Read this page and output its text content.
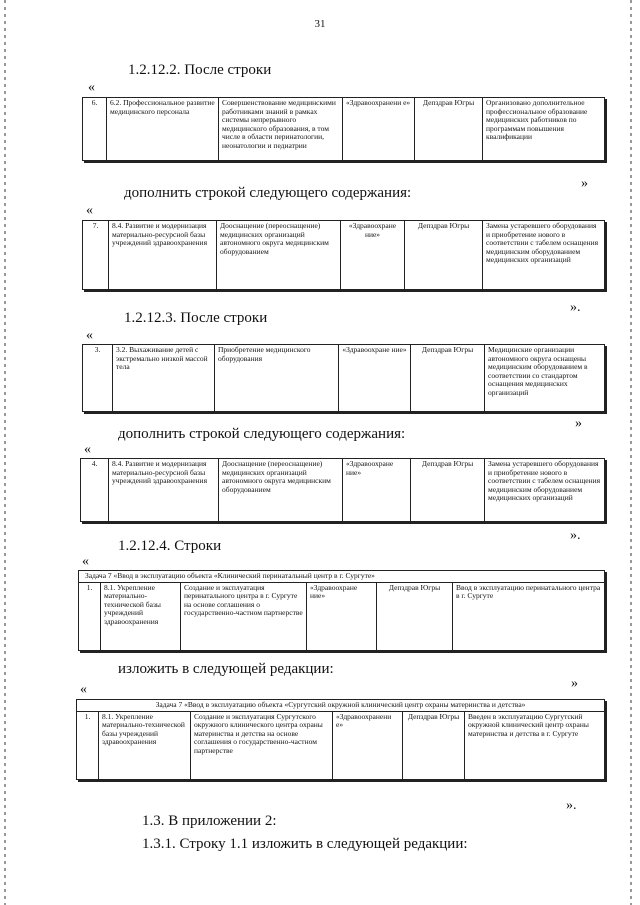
31
1.2.12.2. После строки
«
6.	6.2. Профессиональное развитие медицинского персонала	Совершенствование медицинскими работниками знаний в рамках системы непрерывного медицинского образования, в том числе в области перинатологии, неонатологии и педиатрии	«Здравоохранени е»	Депздрав Югры	Организовано дополнительное профессиональное образование медицинских работников по программам повышения квалификации
дополнить строкой следующего содержания:
»
«
7.	8.4. Развитие и модернизация материально-ресурсной базы учреждений здравоохранения	Дооснащение (переоснащение) медицинских организаций автономного округа медицинским оборудованием	«Здравоохране ние»	Депздрав Югры	Замена устаревшего оборудования и приобретение нового в соответствии с табелем оснащения медицинским оборудованием медицинских организаций
».
1.2.12.3. После строки
«
3.	3.2. Выхаживание детей с экстремально низкой массой тела	Приобретение медицинского оборудования	«Здравоохране ние»	Депздрав Югры	Медицинские организации автономного округа оснащены медицинским оборудованием в соответствии со стандартом оснащения медицинских организаций
»
дополнить строкой следующего содержания:
«
4.	8.4. Развитие и модернизация материально-ресурсной базы учреждений здравоохранения	Дооснащение (переоснащение) медицинских организаций автономного округа медицинским оборудованием	«Здравоохране ние»	Депздрав Югры	Замена устаревшего оборудования и приобретение нового в соответствии с табелем оснащения медицинским оборудованием медицинских организаций
».
1.2.12.4. Строки
«
Задача 7 «Ввод в эксплуатацию объекта «Клинический перинатальный центр в г. Сургуте»
1.	8.1. Укрепление материально-технической базы учреждений здравоохранения	Создание и эксплуатация перинатального центра в г. Сургуте на основе соглашения о государственно-частном партнерстве	«Здравоохране ние»	Депздрав Югры	Ввод в эксплуатацию перинатального центра в г. Сургуте
изложить в следующей редакции:
»
«
Задача 7 «Ввод в эксплуатацию объекта «Сургутский окружной клинический центр охраны материнства и детства»
1.	8.1. Укрепление материально-технической базы учреждений здравоохранения	Создание и эксплуатация Сургутского окружного клинического центра охраны материнства и детства на основе соглашения о государственно-частном партнерстве	«Здравоохранени е»	Депздрав Югры	Введен в эксплуатацию Сургутский окружной клинический центр охраны материнства и детства в г. Сургуте
».
1.3. В приложении 2:
1.3.1. Строку 1.1 изложить в следующей редакции:
